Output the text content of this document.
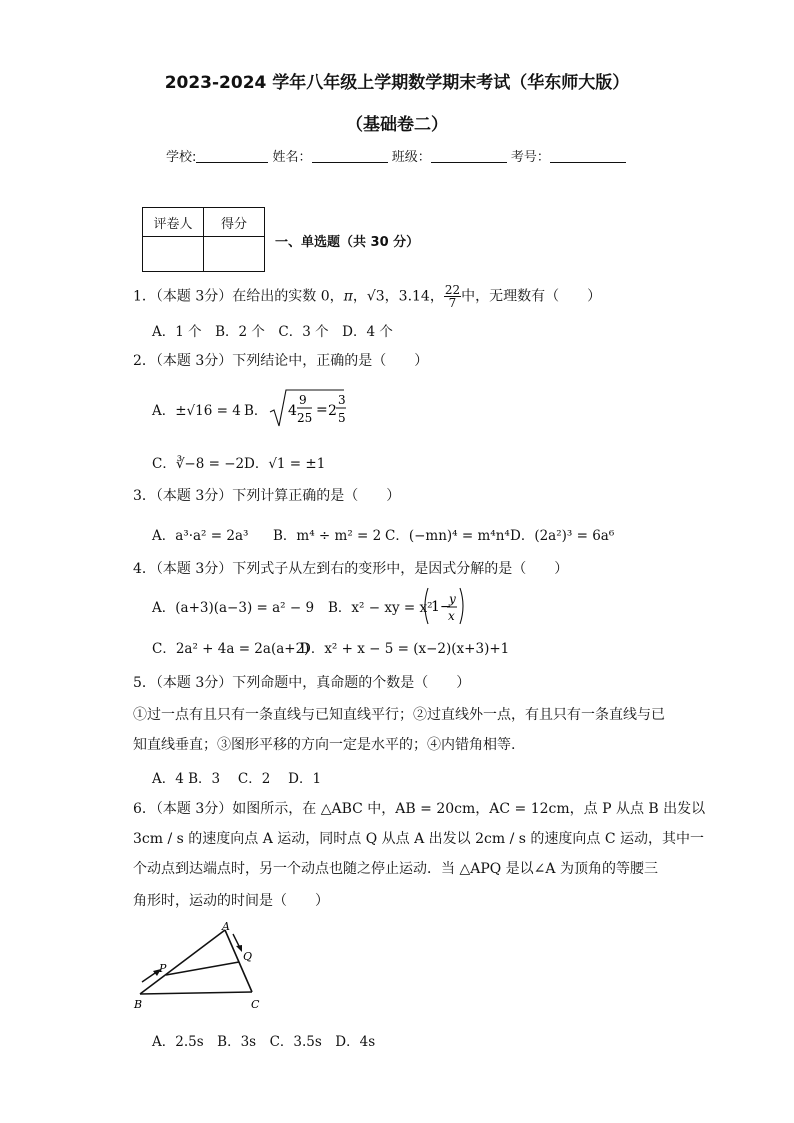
2023-2024 学年八年级上学期数学期末考试（华东师大版）
（基础卷二）
学校:	姓名：	班级：	考号：
评卷人	得分

一、单选题（共 30 分）
1．（本题 3分）在给出的实数 0，π，√3，3.14， $\frac{22}{7}$ 中，无理数有（　　）
A．1 个　B．2 个　C．3 个　D．4 个
2．（本题 3分）下列结论中，正确的是（　　）
A．±√16 = 4 B． 4
9
25 = 2
3
5
C．∛−8 = −2 D．√1 = ±1
3．（本题 3分）下列计算正确的是（　　）
A．a³·a² = 2a³ B．m⁴ ÷ m² = 2 C．(−mn)⁴ = m⁴n⁴ D．(2a²)³ = 6a⁶
4．（本题 3分）下列式子从左到右的变形中，是因式分解的是（　　）
A．(a+3)(a−3) = a² − 9 B．x² − xy = x²
1−
y
x
C．2a² + 4a = 2a(a+2)
D．x² + x − 5 = (x−2)(x+3)+1
5．（本题 3分）下列命题中，真命题的个数是（　　）
①过一点有且只有一条直线与已知直线平行；②过直线外一点，有且只有一条直线与已
知直线垂直；③图形平移的方向一定是水平的；④内错角相等.
A．4 B．3　 C．2　 D．1
6．（本题 3分）如图所示，在 △ABC 中，AB = 20cm，AC = 12cm，点 P 从点 B 出发以
3cm / s 的速度向点 A 运动，同时点 Q 从点 A 出发以 2cm / s 的速度向点 C 运动，其中一
个动点到达端点时，另一个动点也随之停止运动．当 △APQ 是以∠A 为顶角的等腰三
角形时，运动的时间是（　　）
A
B	C
P
Q
A．2.5s　B．3s　C．3.5s　D．4s
